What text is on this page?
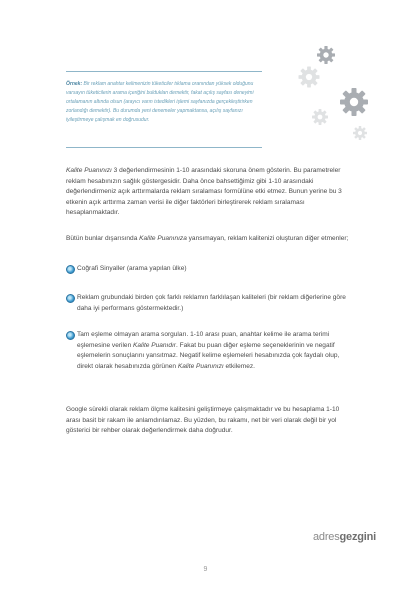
Örnek: Bir reklam anahtar kelimenizin tüketiciler tıklama oranından yüksek olduğunu varsayın tüketicilerin arama içeriğini bulduklan demektir, fakat açılış sayfası deneyimi ortalamanın altında olsun (arayıcı varın istedikleri işlemi sayfanızda gerçekleştirirken zorlandığı demektir). Bu durumda yeni denemeler yapmaktansa, açılış sayfanızı iyileştirmeye çalışmak en doğrusudur.
Kalite Puanınızı 3 değerlendirmesinin 1-10 arasındaki skoruna önem gösterin. Bu parametreler reklam hesabınızın sağlık göstergesidir. Daha önce bahsettiğimiz gibi 1-10 arasındaki değerlendirmeniz açık arttırmalarda reklam sıralaması formülüne etki etmez. Bunun yerine bu 3 etkenin açık arttırma zaman verisi ile diğer faktörleri birleştirerek reklam sıralaması hesaplanmaktadır.
Bütün bunlar dışarısında Kalite Puanınıza yansımayan, reklam kalitenizi oluşturan diğer etmenler;
Coğrafi Sinyaller (arama yapılan ülke)
Reklam grubundaki birden çok farklı reklamın farklılaşan kaliteleri (bir reklam diğerlerine göre daha iyi performans göstermektedir.)
Tam eşleme olmayan arama sorguları. 1-10 arası puan, anahtar kelime ile arama terimi eşlemesine verilen Kalite Puanıdır. Fakat bu puan diğer eşleme seçeneklerinin ve negatif eşlemelerin sonuçlarını yansıtmaz. Negatif kelime eşlemeleri hesabınızda çok faydalı olup, direkt olarak hesabınızda görünen Kalite Puanınızı etkilemez.
Google sürekli olarak reklam ölçme kalitesini geliştirmeye çalışmaktadır ve bu hesaplama 1-10 arası basit bir rakam ile anlamdırılamaz. Bu yüzden, bu rakamı, net bir veri olarak değil bir yol gösterici bir rehber olarak değerlendirmek daha doğrudur.
adresgezgini
9
